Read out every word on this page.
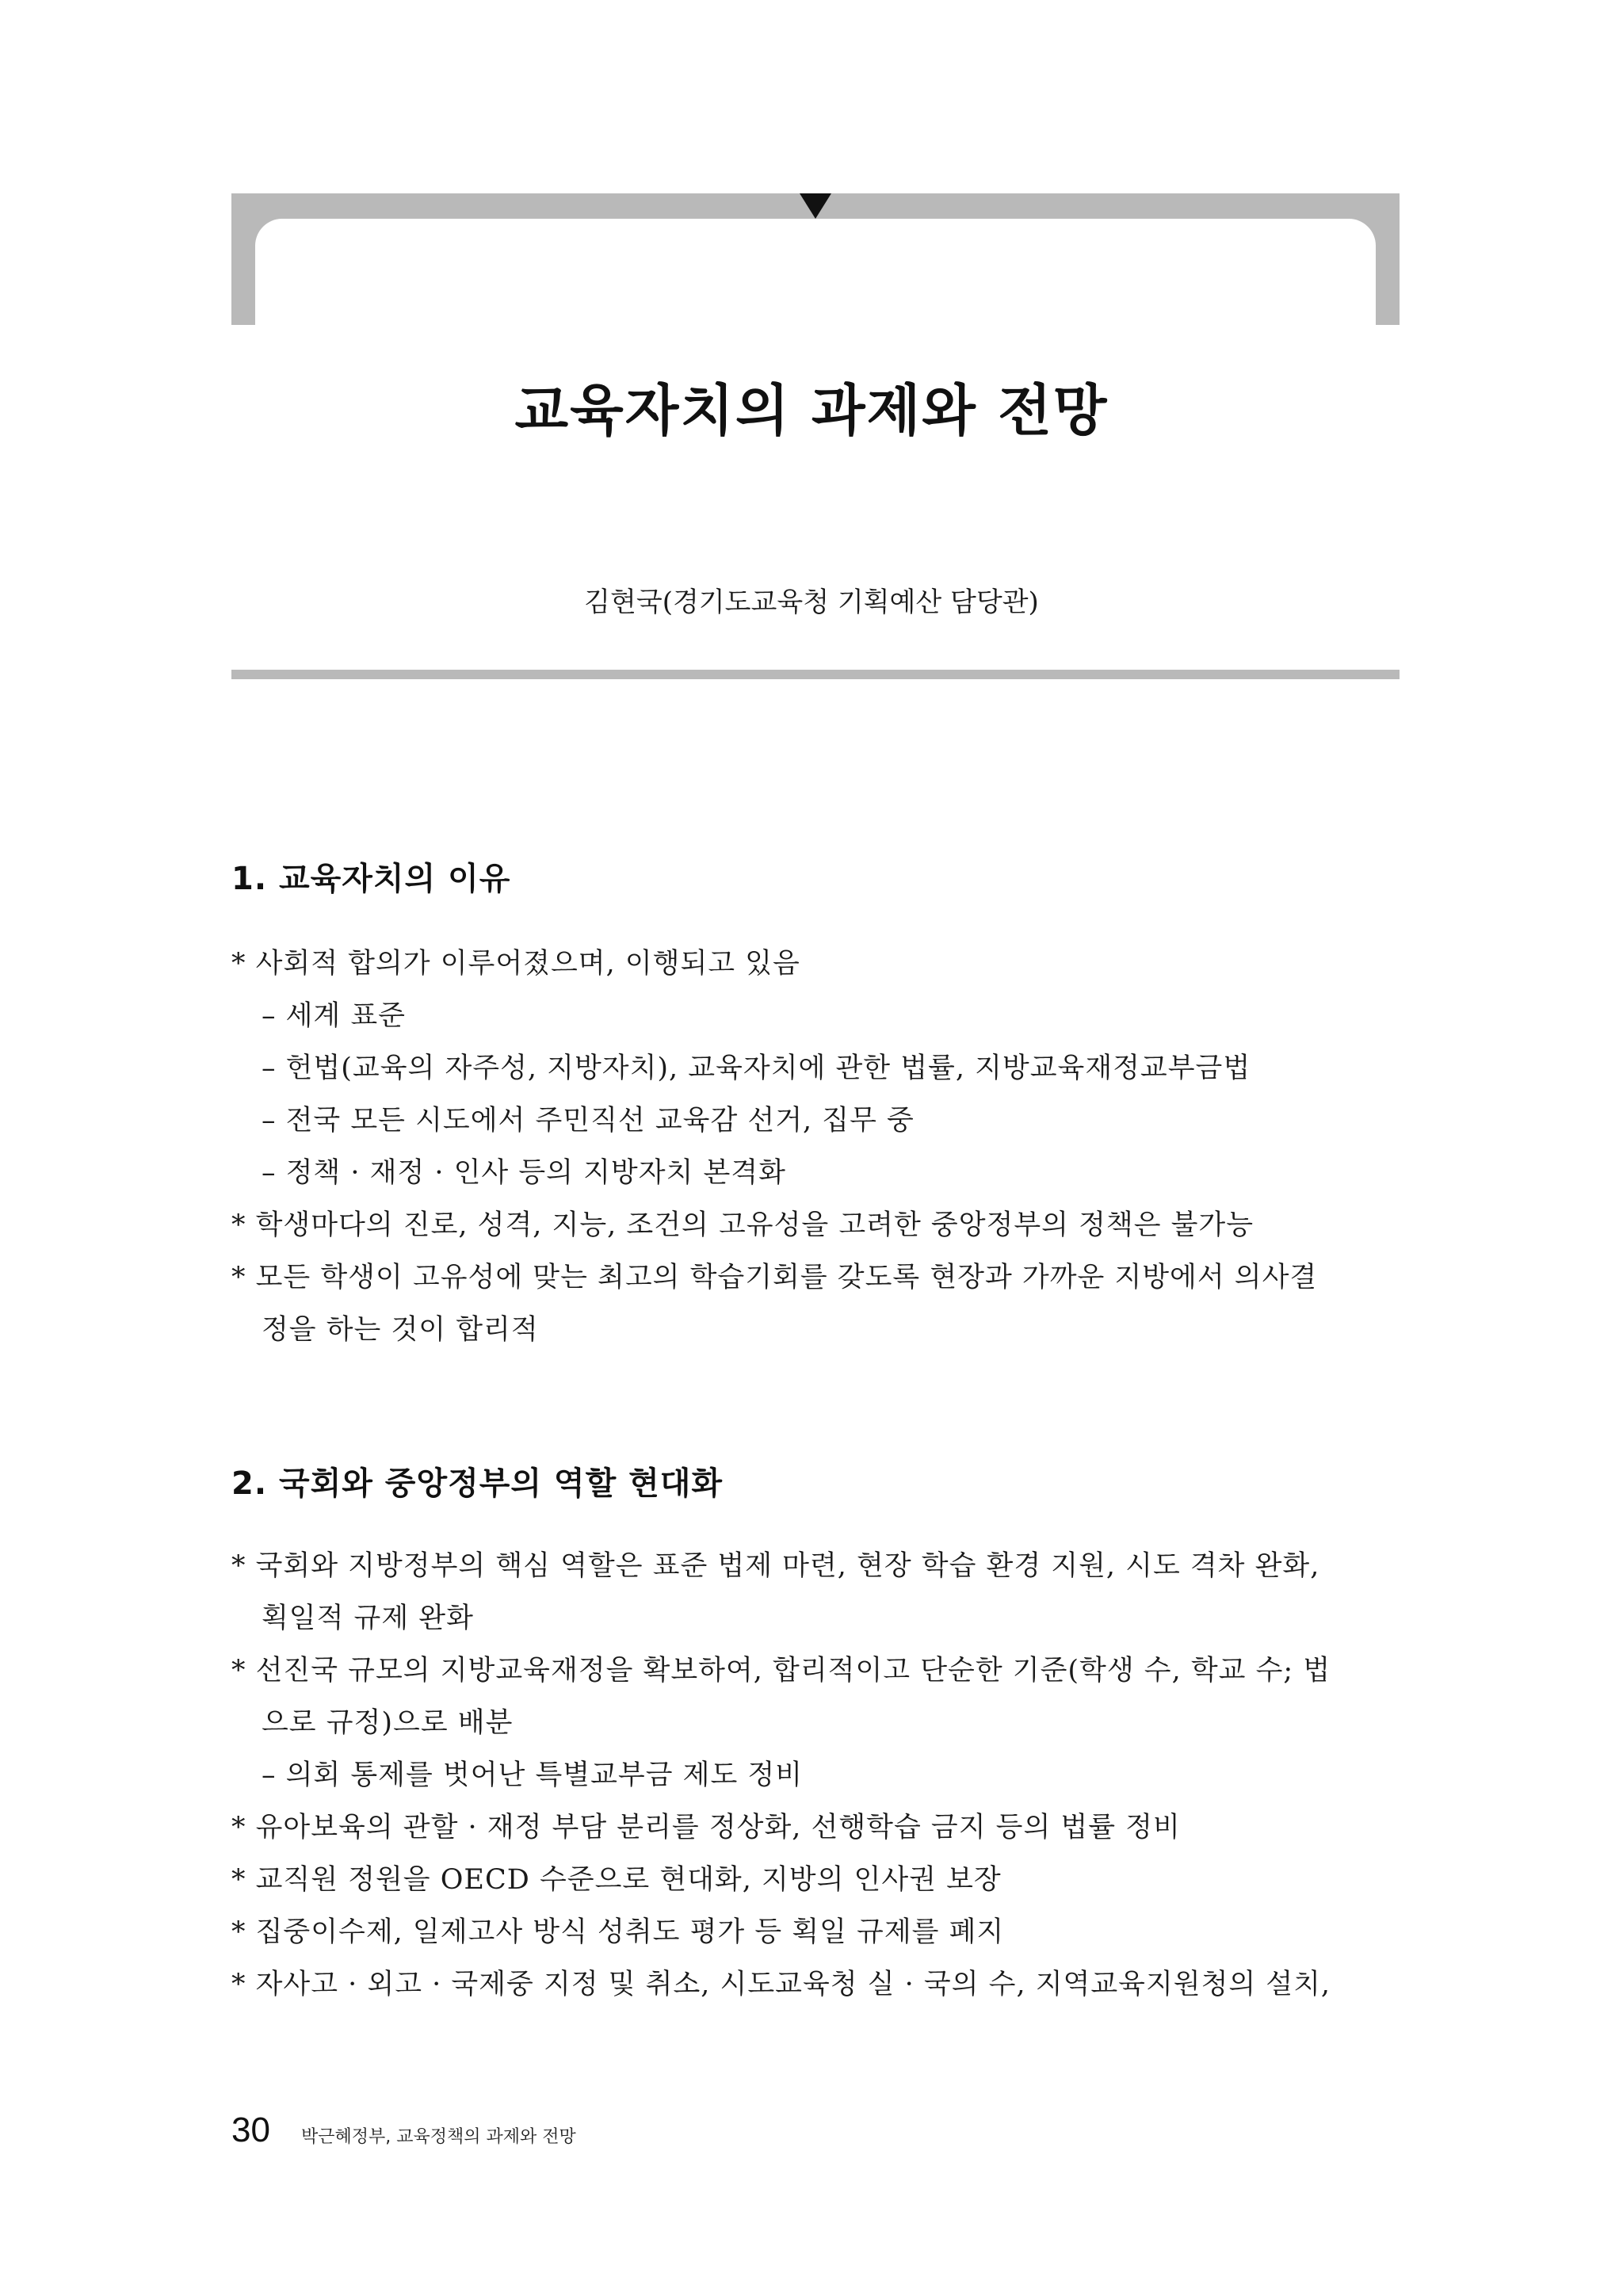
교육자치의 과제와 전망
김현국(경기도교육청 기획예산 담당관)
1. 교육자치의 이유
* 사회적 합의가 이루어졌으며, 이행되고 있음
– 세계 표준
– 헌법(교육의 자주성, 지방자치), 교육자치에 관한 법률, 지방교육재정교부금법
– 전국 모든 시도에서 주민직선 교육감 선거, 집무 중
– 정책 · 재정 · 인사 등의 지방자치 본격화
* 학생마다의 진로, 성격, 지능, 조건의 고유성을 고려한 중앙정부의 정책은 불가능
* 모든 학생이 고유성에 맞는 최고의 학습기회를 갖도록 현장과 가까운 지방에서 의사결
정을 하는 것이 합리적
2. 국회와 중앙정부의 역할 현대화
* 국회와 지방정부의 핵심 역할은 표준 법제 마련, 현장 학습 환경 지원, 시도 격차 완화,
획일적 규제 완화
* 선진국 규모의 지방교육재정을 확보하여, 합리적이고 단순한 기준(학생 수, 학교 수; 법
으로 규정)으로 배분
– 의회 통제를 벗어난 특별교부금 제도 정비
* 유아보육의 관할 · 재정 부담 분리를 정상화, 선행학습 금지 등의 법률 정비
* 교직원 정원을 OECD 수준으로 현대화, 지방의 인사권 보장
* 집중이수제, 일제고사 방식 성취도 평가 등 획일 규제를 폐지
* 자사고 · 외고 · 국제중 지정 및 취소, 시도교육청 실 · 국의 수, 지역교육지원청의 설치,
30 박근혜정부, 교육정책의 과제와 전망
